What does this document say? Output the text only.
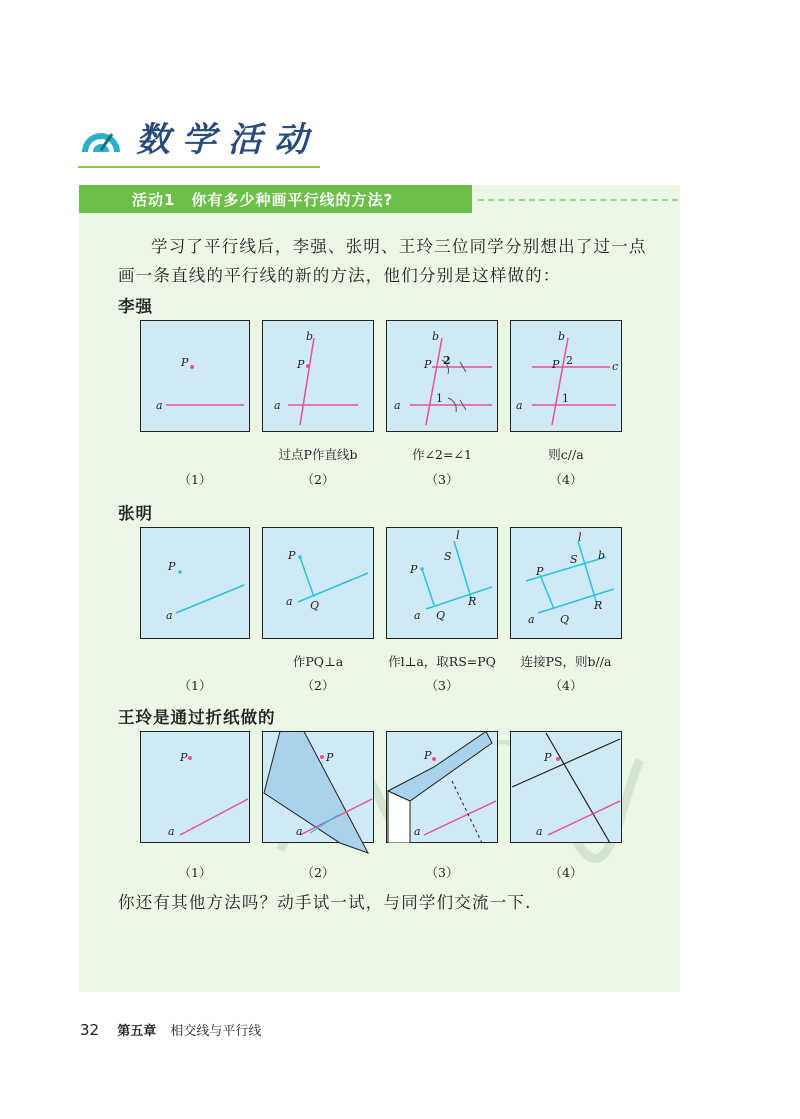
数学活动
活动1　你有多少种画平行线的方法?
学习了平行线后，李强、张明、王玲三位同学分别想出了过一点画一条直线的平行线的新的方法，他们分别是这样做的：
李强
P
a
P
b
a
P
b
a
2
1
P
b
c
a
2
1
过点P作直线b	作∠2=∠1	则c//a
（1）	（2）	（3）	（4）
张明
P
a
P
a Q
P
l
S
R
a Q
P
l
S b
R
a Q
作PQ⊥a	作l⊥a，取RS=PQ	连接PS，则b//a
（1）	（2）	（3）	（4）
王玲是通过折纸做的
P
a
P
a
P
a
P
a
（1）	（2）	（3）	（4）
你还有其他方法吗？动手试一试，与同学们交流一下.
32 第五章 相交线与平行线
